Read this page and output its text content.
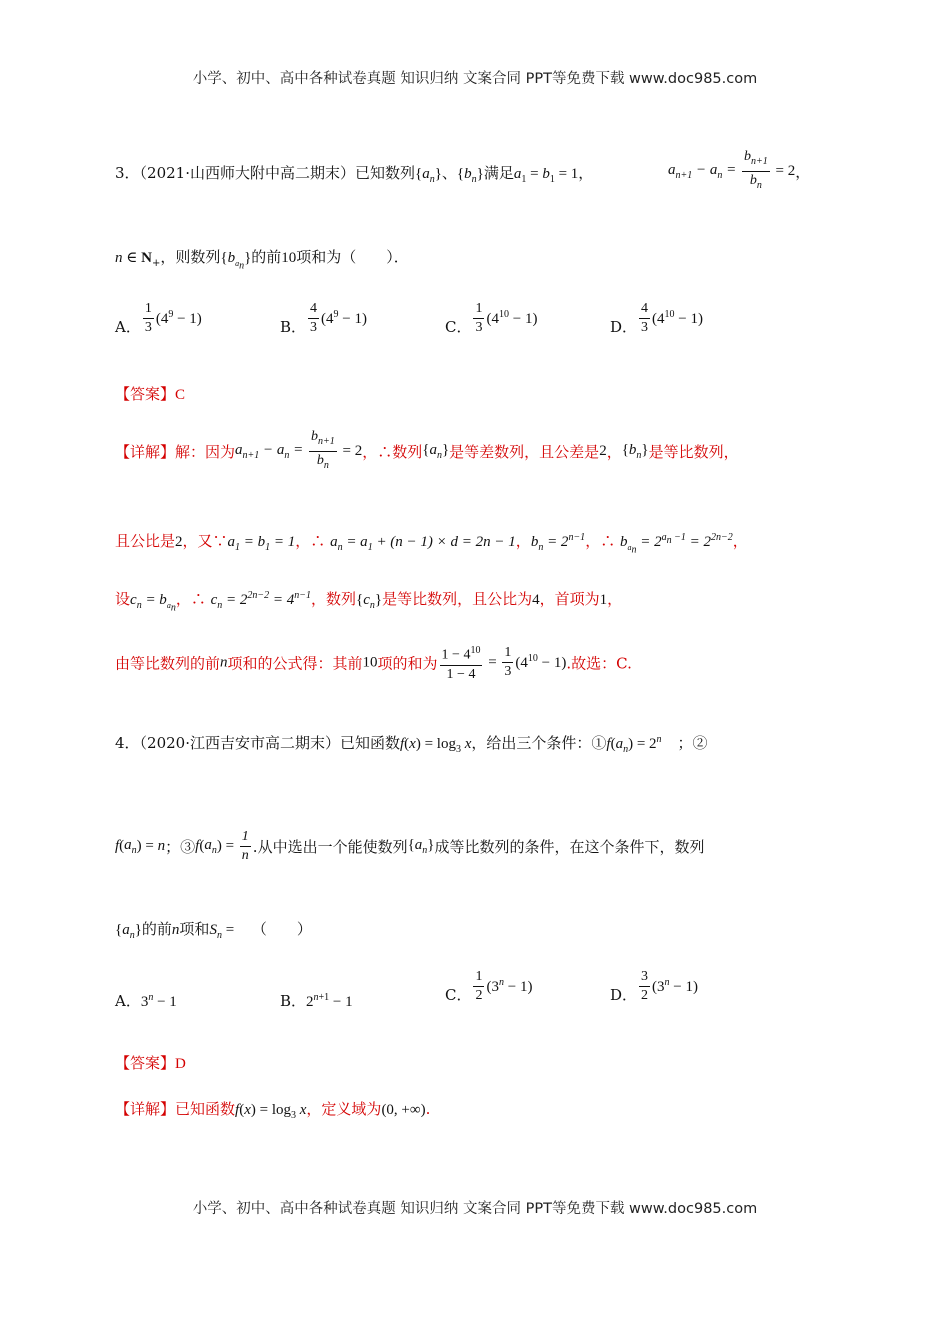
小学、初中、高中各种试卷真题 知识归纳 文案合同 PPT等免费下载 www.doc985.com
3．（2021·山西师大附中高二期末）已知数列$\{a_n\}$、$\{b_n\}$满足$a_1 = b_1 = 1$，	$a_{n+1} - a_n = \frac{b_{n+1}}{b_n} = 2$，
n ∈ $N_+$，则数列$\{b_{a_n}\}$的前10项和为（　　）．
A． $\frac{1}{3} (4^9 - 1)$	B． $\frac{4}{3} (4^9 - 1)$	C． $\frac{1}{3} (4^{10} - 1)$	D． $\frac{4}{3} (4^{10} - 1)$
【答案】C
【详解】解：因为$a_{n+1} - a_n = \frac{b_{n+1}}{b_n} = 2$，∴数列$\{a_n\}$是等差数列，且公差是2，$\{b_n\}$是等比数列，
且公比是2，又$\because a_1 = b_1 = 1$，∴ $a_n = a_1 + (n - 1) \times d = 2n - 1$，$b_n = 2^{n-1}$，∴ $b_{a_n} = 2^{a_n -1} = 2^{2n-2}$，
设$c_n = b_{a_n}$，∴ $c_n = 2^{2n-2} = 4^{n-1}$，数列$\{c_n\}$是等比数列，且公比为4，首项为1，
由等比数列的前n项和的公式得：其前10项的和为 $\frac{1 - 4^{10}}{1 - 4} = \frac{1}{3} (4^{10} - 1)$.故选：C.
4．（2020·江西吉安市高二期末）已知函数$f(x) = \log_3 x$，给出三个条件：$①f(a_n) = 2^n$ ；②
$f(a_n) = n$；$③f(a_n) = \frac{1}{n}$ .从中选出一个能使数列$\{a_n\}$成等比数列的条件，在这个条件下，数列
$\{a_n\}$的前n项和$S_n$ = （　　）
A．$3^n - 1$	B．$2^{n+1} - 1$	C． $\frac{1}{2} (3^n - 1)$	D． $\frac{3}{2} (3^n - 1)$
【答案】D
【详解】已知函数$f(x) = \log_3 x$，定义域为(0, +∞).
小学、初中、高中各种试卷真题 知识归纳 文案合同 PPT等免费下载 www.doc985.com
